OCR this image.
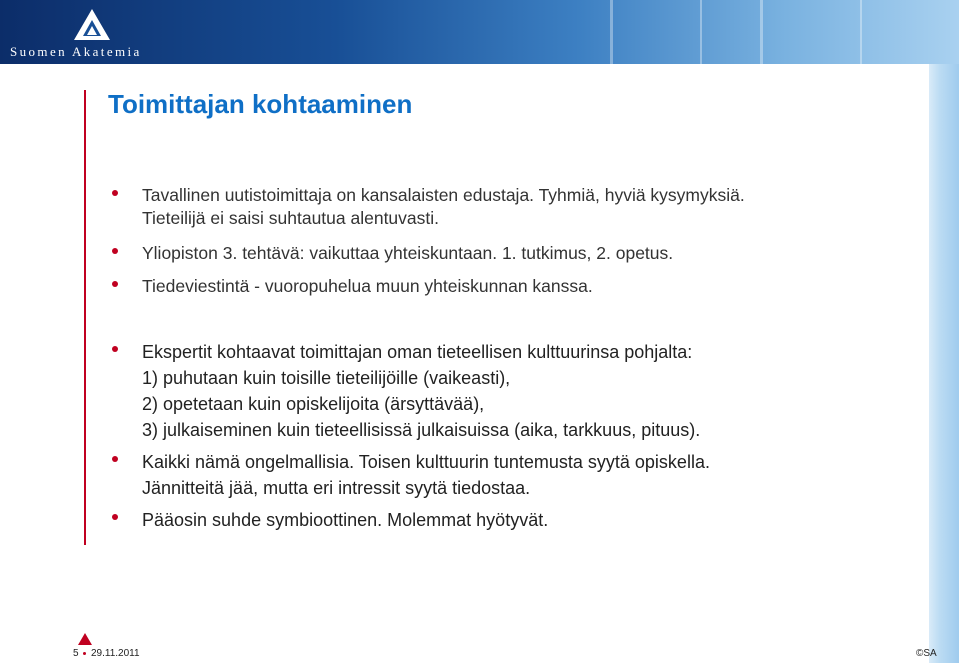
Suomen Akatemia
Toimittajan kohtaaminen
Tavallinen uutistoimittaja on kansalaisten edustaja. Tyhmiä, hyviä kysymyksiä.
Tieteilijä ei saisi suhtautua alentuvasti.
Yliopiston 3. tehtävä: vaikuttaa yhteiskuntaan. 1. tutkimus, 2. opetus.
Tiedeviestintä - vuoropuhelua muun yhteiskunnan kanssa.
Ekspertit kohtaavat toimittajan oman tieteellisen kulttuurinsa pohjalta:
1) puhutaan kuin toisille tieteilijöille (vaikeasti),
2) opetetaan kuin opiskelijoita (ärsyttävää),
3) julkaiseminen kuin tieteellisissä julkaisuissa (aika, tarkkuus, pituus).
Kaikki nämä ongelmallisia. Toisen kulttuurin tuntemusta syytä opiskella.
Jännitteitä jää, mutta eri intressit syytä tiedostaa.
Pääosin suhde symbioottinen. Molemmat hyötyvät.
5 29.11.2011	©SA
